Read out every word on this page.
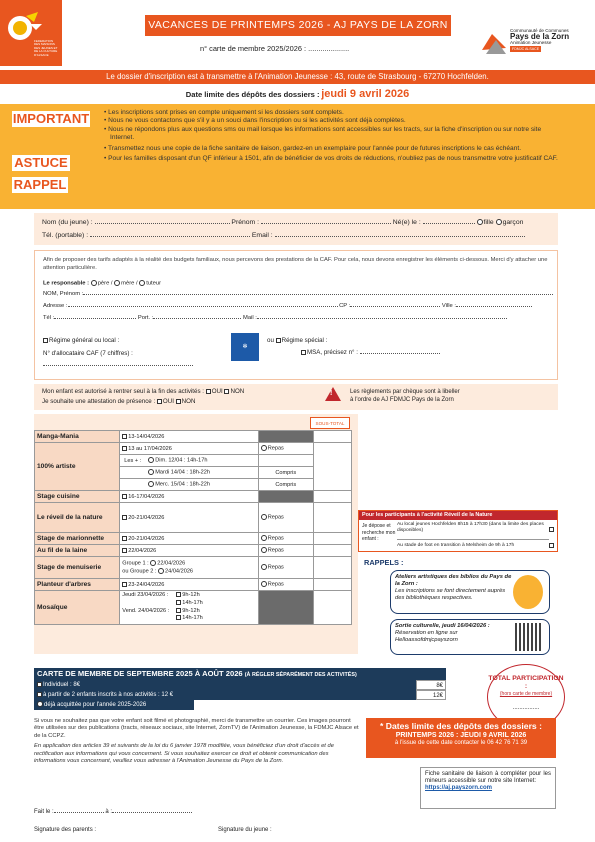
FEDERATION
DES MAISONS
DES JEUNES ET
DE LA CULTURE
D'ALSACE
VACANCES DE PRINTEMPS 2026 - AJ PAYS DE LA ZORN
n° carte de membre 2025/2026 : ....................
Communauté de Communes
Pays de la Zorn
Animation Jeunesse
FDMJC ALSACE
Le dossier d'inscription est à transmettre à l'Animation Jeunesse : 43, route de Strasbourg - 67270 Hochfelden.
Date limite des dépôts des dossiers : jeudi 9 avril 2026
IMPORTANT
ASTUCE
RAPPEL
• Les inscriptions sont prises en compte uniquement si les dossiers sont complets.
• Nous ne vous contactons que s'il y a un souci dans l'inscription ou si les activités sont déjà complètes.
• Nous ne répondons plus aux questions sms ou mail lorsque les informations sont accessibles sur les tracts, sur la fiche d'inscription ou sur notre site Internet.
• Transmettez nous une copie de la fiche sanitaire de liaison, gardez-en un exemplaire pour l'année pour de futures inscriptions le cas échéant.
• Pour les familles disposant d'un QF inférieur à 1501, afin de bénéficier de vos droits de réductions, n'oubliez pas de nous transmettre votre justificatif CAF.
Nom (du jeune) :	Prénom :	Né(e) le :	fille garçon
Tél. (portable) :	Email :
Afin de proposer des tarifs adaptés à la réalité des budgets familiaux, nous percevons des prestations de la CAF. Pour cela, nous devons enregistrer les éléments ci-dessous. Merci d'y attacher une attention particulière.
Le responsable : père / mère / tuteur
NOM, Prénom :
Adresse :	CP :	Ville :
Tél :	Port. :	Mail :
Régime général ou local :
N° d'allocataire CAF (7 chiffres) :
✻
ou Régime spécial :
MSA, précisez n° :
Mon enfant est autorisé à rentrer seul à la fin des activités : OUI NON
Je souhaite une attestation de présence : OUI NON
!	Les règlements par chèque sont à libeller
à l'ordre de AJ FDMJC Pays de la Zorn
SOUS-TOTAL
Manga-Mania	13-14/04/2026		
100% artiste	13 au 17/04/2026	Repas	
	Les + : Dim. 12/04 : 14h-17h		
	Mardi 14/04 : 18h-22h	Compris	
	Merc. 15/04 : 18h-22h	Compris	
Stage cuisine	16-17/04/2026		
Le réveil de la nature	20-21/04/2026	Repas	
Stage de marionnette	20-21/04/2026	Repas	
Au fil de la laine	22/04/2026	Repas	
Stage de menuiserie	Groupe 1 : 22/04/2026
ou Groupe 2 : 24/04/2026	Repas	
Planteur d'arbres	23-24/04/2026	Repas	
Mosaïque	Jeudi 23/04/2026 : 9h-12h
14h-17h
Vend. 24/04/2026 : 9h-12h
14h-17h		
Pour les participants à l'activité Réveil de la Nature
Je dépose et recherche mon enfant :
Au local jeunes Hochfelden 8h15 à 17h30 (dans la limite des places disponibles)
Au stade de foot en transition à Melsheim de 9h à 17h
RAPPELS :
Ateliers artistiques des biblios du Pays de la Zorn :
Les inscriptions se font directement auprès des bibliothèques respectives.
Sortie culturelle, jeudi 16/04/2026 :
Réservation en ligne sur Helloassofdmjcpayszorn
CARTE DE MEMBRE DE SEPTEMBRE 2025 À AOÛT 2026 (À RÉGLER SÉPARÉMENT DES ACTIVITÉS)
Individuel : 8€	8€
à partir de 2 enfants inscrits à nos activités : 12 €	12€
déjà acquittée pour l'année 2025-2026
TOTAL PARTICIPATION :
(hors carte de membre)
................
Si vous ne souhaitez pas que votre enfant soit filmé et photographié, merci de transmettre un courrier. Ces images pourront être utilisées sur des publications (tracts, réseaux sociaux, site Internet, ZornTV) de l'Animation Jeunesse, la FDMJC Alsace et de la CCPZ.
En application des articles 39 et suivants de la loi du 6 janvier 1978 modifiée, vous bénéficiez d'un droit d'accès et de rectification aux informations qui vous concernent. Si vous souhaitez exercer ce droit et obtenir communication des informations vous concernant, veuillez vous adresser à l'Animation Jeunesse du Pays de la Zorn.
Fait le :	à :
Signature des parents :	Signature du jeune :
* Dates limite des dépôts des dossiers :
PRINTEMPS 2026 : JEUDI 9 AVRIL 2026
à l'issue de cette date contacter le 06 42 76 71 39
Fiche sanitaire de liaison à compléter pour les mineurs accessible sur notre site Internet:
https://aj.payszorn.com
